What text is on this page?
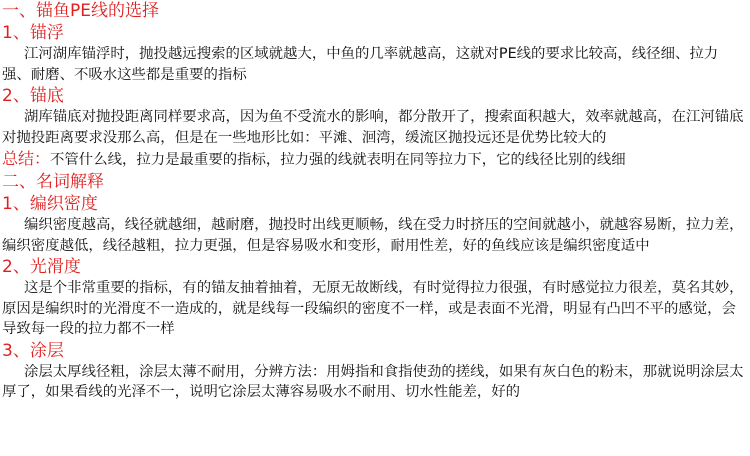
一、锚鱼PE线的选择
1、锚浮

江河湖库锚浮时，抛投越远搜索的区域就越大，中鱼的几率就越高，这就对PE线的要求比较高，线径细、拉力强、耐磨、不吸水这些都是重要的指标

2、锚底

湖库锚底对抛投距离同样要求高，因为鱼不受流水的影响，都分散开了，搜索面积越大，效率就越高，在江河锚底对抛投距离要求没那么高，但是在一些地形比如：平滩、洄湾，缓流区抛投远还是优势比较大的

总结：不管什么线，拉力是最重要的指标，拉力强的线就表明在同等拉力下，它的线径比别的线细
二、名词解释
1、编织密度

编织密度越高，线径就越细，越耐磨，抛投时出线更顺畅，线在受力时挤压的空间就越小，就越容易断，拉力差，编织密度越低，线径越粗，拉力更强，但是容易吸水和变形，耐用性差，好的鱼线应该是编织密度适中

2、光滑度

这是个非常重要的指标，有的锚友抽着抽着，无原无故断线，有时觉得拉力很强，有时感觉拉力很差，莫名其妙，原因是编织时的光滑度不一造成的，就是线每一段编织的密度不一样，或是表面不光滑，明显有凸凹不平的感觉，会导致每一段的拉力都不一样

3、涂层

涂层太厚线径粗，涂层太薄不耐用，分辨方法：用姆指和食指使劲的搓线，如果有灰白色的粉末，那就说明涂层太厚了，如果看线的光泽不一，说明它涂层太薄容易吸水不耐用、切水性能差，好的
